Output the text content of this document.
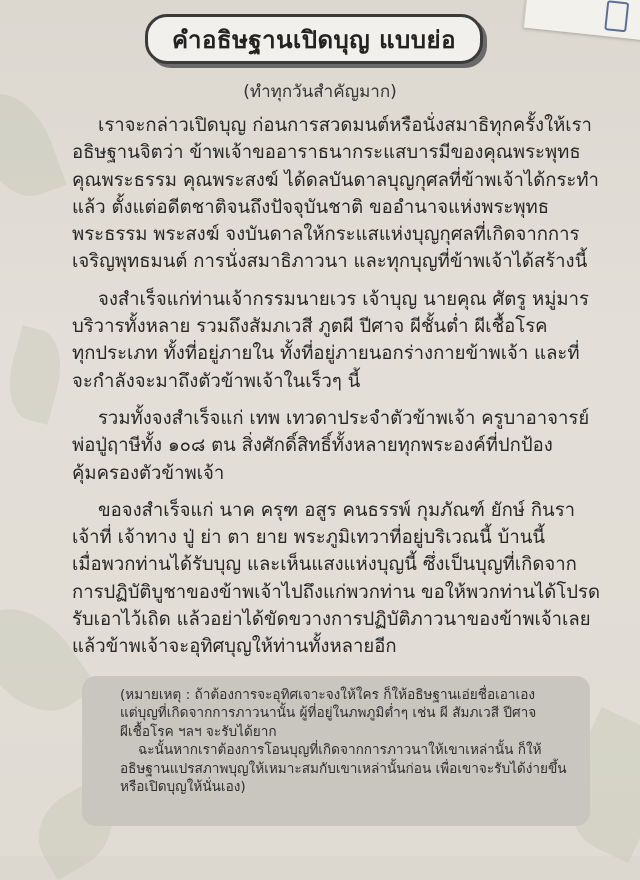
คำอธิษฐานเปิดบุญ แบบย่อ
(ทำทุกวันสำคัญมาก)
เราจะกล่าวเปิดบุญ ก่อนการสวดมนต์หรือนั่งสมาธิทุกครั้งให้เรา
อธิษฐานจิตว่า ข้าพเจ้าขออาราธนากระแสบารมีของคุณพระพุทธ
คุณพระธรรม คุณพระสงฆ์ ได้ดลบันดาลบุญกุศลที่ข้าพเจ้าได้กระทำ
แล้ว ตั้งแต่อดีตชาติจนถึงปัจจุบันชาติ ขออำนาจแห่งพระพุทธ
พระธรรม พระสงฆ์ จงบันดาลให้กระแสแห่งบุญกุศลที่เกิดจากการ
เจริญพุทธมนต์ การนั่งสมาธิภาวนา และทุกบุญที่ข้าพเจ้าได้สร้างนี้
จงสำเร็จแก่ท่านเจ้ากรรมนายเวร เจ้าบุญ นายคุณ ศัตรู หมู่มาร
บริวารทั้งหลาย รวมถึงสัมภเวสี ภูตผี ปีศาจ ผีชั้นต่ำ ผีเชื้อโรค
ทุกประเภท ทั้งที่อยู่ภายใน ทั้งที่อยู่ภายนอกร่างกายข้าพเจ้า และที่
จะกำลังจะมาถึงตัวข้าพเจ้าในเร็วๆ นี้
รวมทั้งจงสำเร็จแก่ เทพ เทวดาประจำตัวข้าพเจ้า ครูบาอาจารย์
พ่อปู่ฤาษีทั้ง ๑๐๘ ตน สิ่งศักดิ์สิทธิ์ทั้งหลายทุกพระองค์ที่ปกป้อง
คุ้มครองตัวข้าพเจ้า
ขอจงสำเร็จแก่ นาค ครุฑ อสูร คนธรรพ์ กุมภัณฑ์ ยักษ์ กินรา
เจ้าที่ เจ้าทาง ปู่ ย่า ตา ยาย พระภูมิเทวาที่อยู่บริเวณนี้ บ้านนี้
เมื่อพวกท่านได้รับบุญ และเห็นแสงแห่งบุญนี้ ซึ่งเป็นบุญที่เกิดจาก
การปฏิบัติบูชาของข้าพเจ้าไปถึงแก่พวกท่าน ขอให้พวกท่านได้โปรด
รับเอาไว้เถิด แล้วอย่าได้ขัดขวางการปฏิบัติภาวนาของข้าพเจ้าเลย
แล้วข้าพเจ้าจะอุทิศบุญให้ท่านทั้งหลายอีก
(หมายเหตุ : ถ้าต้องการจะอุทิศเจาะจงให้ใคร ก็ให้อธิษฐานเอ่ยชื่อเอาเอง
แต่บุญที่เกิดจากการภาวนานั้น ผู้ที่อยู่ในภพภูมิต่ำๆ เช่น ผี สัมภเวสี ปีศาจ
ผีเชื้อโรค ฯลฯ จะรับได้ยาก
ฉะนั้นหากเราต้องการโอนบุญที่เกิดจากการภาวนาให้เขาเหล่านั้น ก็ให้
อธิษฐานแปรสภาพบุญให้เหมาะสมกับเขาเหล่านั้นก่อน เพื่อเขาจะรับได้ง่ายขึ้น
หรือเปิดบุญให้นั่นเอง)
